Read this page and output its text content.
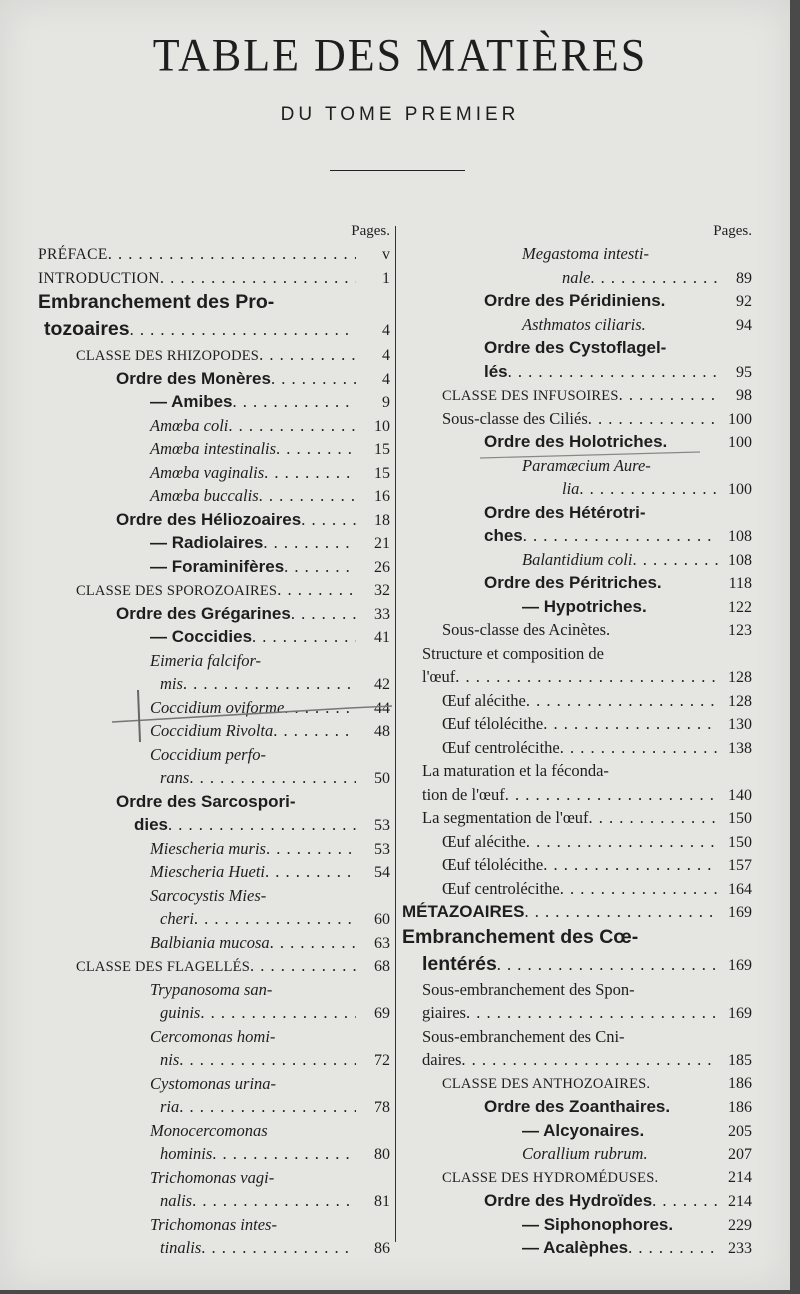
TABLE DES MATIÈRES
DU TOME PREMIER
Pages.
PRÉFACE . . .	v
INTRODUCTION . . .	1
Embranchement des Pro-
tozoaires . . .	4
CLASSE DES RHIZOPODES . . .	4
Ordre des Monères . . .	4
— Amibes . . .	9
Amœba coli . . .	10
Amœba intestinalis . . .	15
Amœba vaginalis . . .	15
Amœba buccalis . . .	16
Ordre des Héliozoaires . . .	18
— Radiolaires . . .	21
— Foraminifères . . .	26
CLASSE DES SPOROZOAIRES . . .	32
Ordre des Grégarines . . .	33
— Coccidies . . .	41
Eimeria falcifor-
mis . . .	42
Coccidium oviforme . . .	44
Coccidium Rivolta . . .	48
Coccidium perfo-
rans . . .	50
Ordre des Sarcospori-
dies . . .	53
Miescheria muris . . .	53
Miescheria Hueti . . .	54
Sarcocystis Mies-
cheri . . .	60
Balbiania mucosa . . .	63
CLASSE DES FLAGELLÉS . . .	68
Trypanosoma san-
guinis . . .	69
Cercomonas homi-
nis . . .	72
Cystomonas urina-
ria . . .	78
Monocercomonas
hominis . . .	80
Trichomonas vagi-
nalis . . .	81
Trichomonas intes-
tinalis . . .	86
Pages.
Megastoma intesti-
nale . . .	89
Ordre des Péridiniens.	92
Asthmatos ciliaris.	94
Ordre des Cystoflagel-
lés . . .	95
CLASSE DES INFUSOIRES . . .	98
Sous-classe des Ciliés . . .	100
Ordre des Holotriches.	100
Paramæcium Aure-
lia . . .	100
Ordre des Hétérotri-
ches . . .	108
Balantidium coli . . .	108
Ordre des Péritriches.	118
— Hypotriches.	122
Sous-classe des Acinètes.	123
Structure et composition de
l'œuf . . .	128
Œuf alécithe . . .	128
Œuf télolécithe . . .	130
Œuf centrolécithe . . .	138
La maturation et la féconda-
tion de l'œuf . . .	140
La segmentation de l'œuf . . .	150
Œuf alécithe . . .	150
Œuf télolécithe . . .	157
Œuf centrolécithe . . .	164
MÉTAZOAIRES . . .	169
Embranchement des Cœ-
lentérés . . .	169
Sous-embranchement des Spon-
giaires . . .	169
Sous-embranchement des Cni-
daires . . .	185
CLASSE DES ANTHOZOAIRES.	186
Ordre des Zoanthaires.	186
— Alcyonaires.	205
Corallium rubrum.	207
CLASSE DES HYDROMÉDUSES.	214
Ordre des Hydroïdes . . .	214
— Siphonophores.	229
— Acalèphes . . .	233
